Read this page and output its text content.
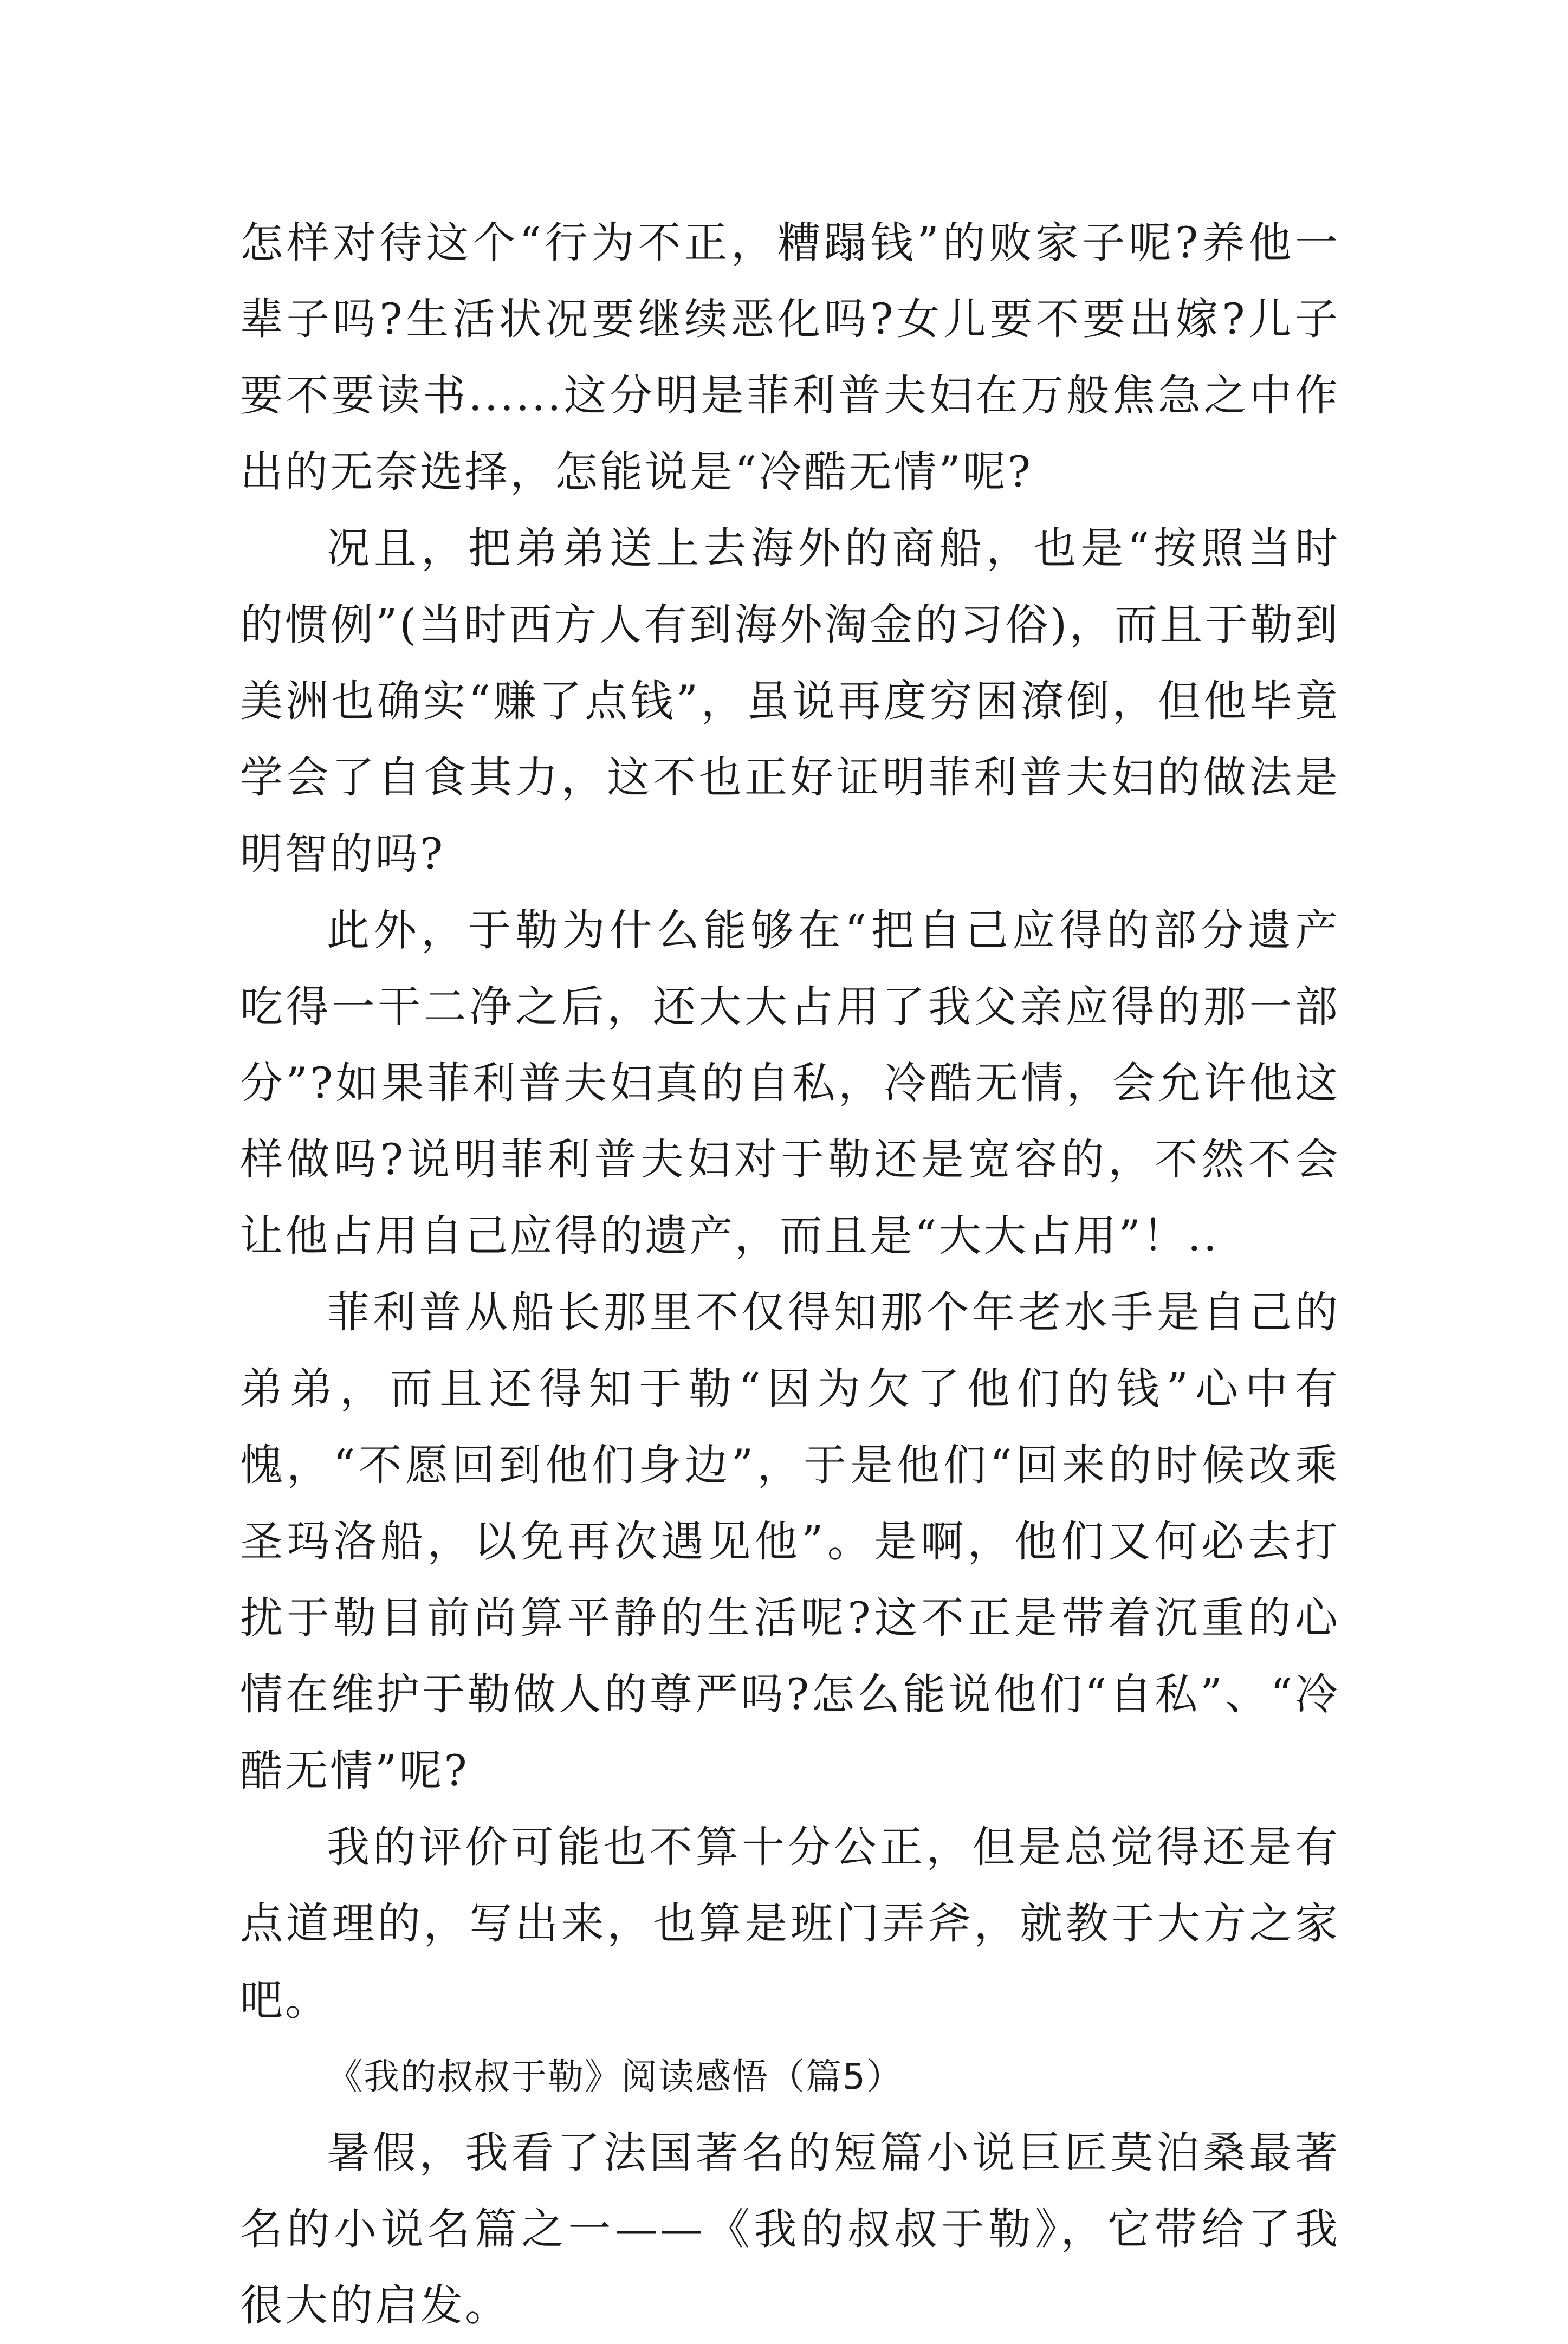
怎样对待这个“行为不正，糟蹋钱”的败家子呢?养他一辈子吗?生活状况要继续恶化吗?女儿要不要出嫁?儿子要不要读书......这分明是菲利普夫妇在万般焦急之中作出的无奈选择，怎能说是“冷酷无情”呢?

况且，把弟弟送上去海外的商船，也是“按照当时的惯例”(当时西方人有到海外淘金的习俗)，而且于勒到美洲也确实“赚了点钱”，虽说再度穷困潦倒，但他毕竟学会了自食其力，这不也正好证明菲利普夫妇的做法是明智的吗?

此外，于勒为什么能够在“把自己应得的部分遗产吃得一干二净之后，还大大占用了我父亲应得的那一部分”?如果菲利普夫妇真的自私，冷酷无情，会允许他这样做吗?说明菲利普夫妇对于勒还是宽容的，不然不会让他占用自己应得的遗产，而且是“大大占用”！..

菲利普从船长那里不仅得知那个年老水手是自己的弟弟，而且还得知于勒“因为欠了他们的钱”心中有愧，“不愿回到他们身边”，于是他们“回来的时候改乘圣玛洛船，以免再次遇见他”。是啊，他们又何必去打扰于勒目前尚算平静的生活呢?这不正是带着沉重的心情在维护于勒做人的尊严吗?怎么能说他们“自私”、“冷酷无情”呢?

我的评价可能也不算十分公正，但是总觉得还是有点道理的，写出来，也算是班门弄斧，就教于大方之家吧。

《我的叔叔于勒》阅读感悟（篇5）

暑假，我看了法国著名的短篇小说巨匠莫泊桑最著名的小说名篇之一——《我的叔叔于勒》，它带给了我很大的启发。
